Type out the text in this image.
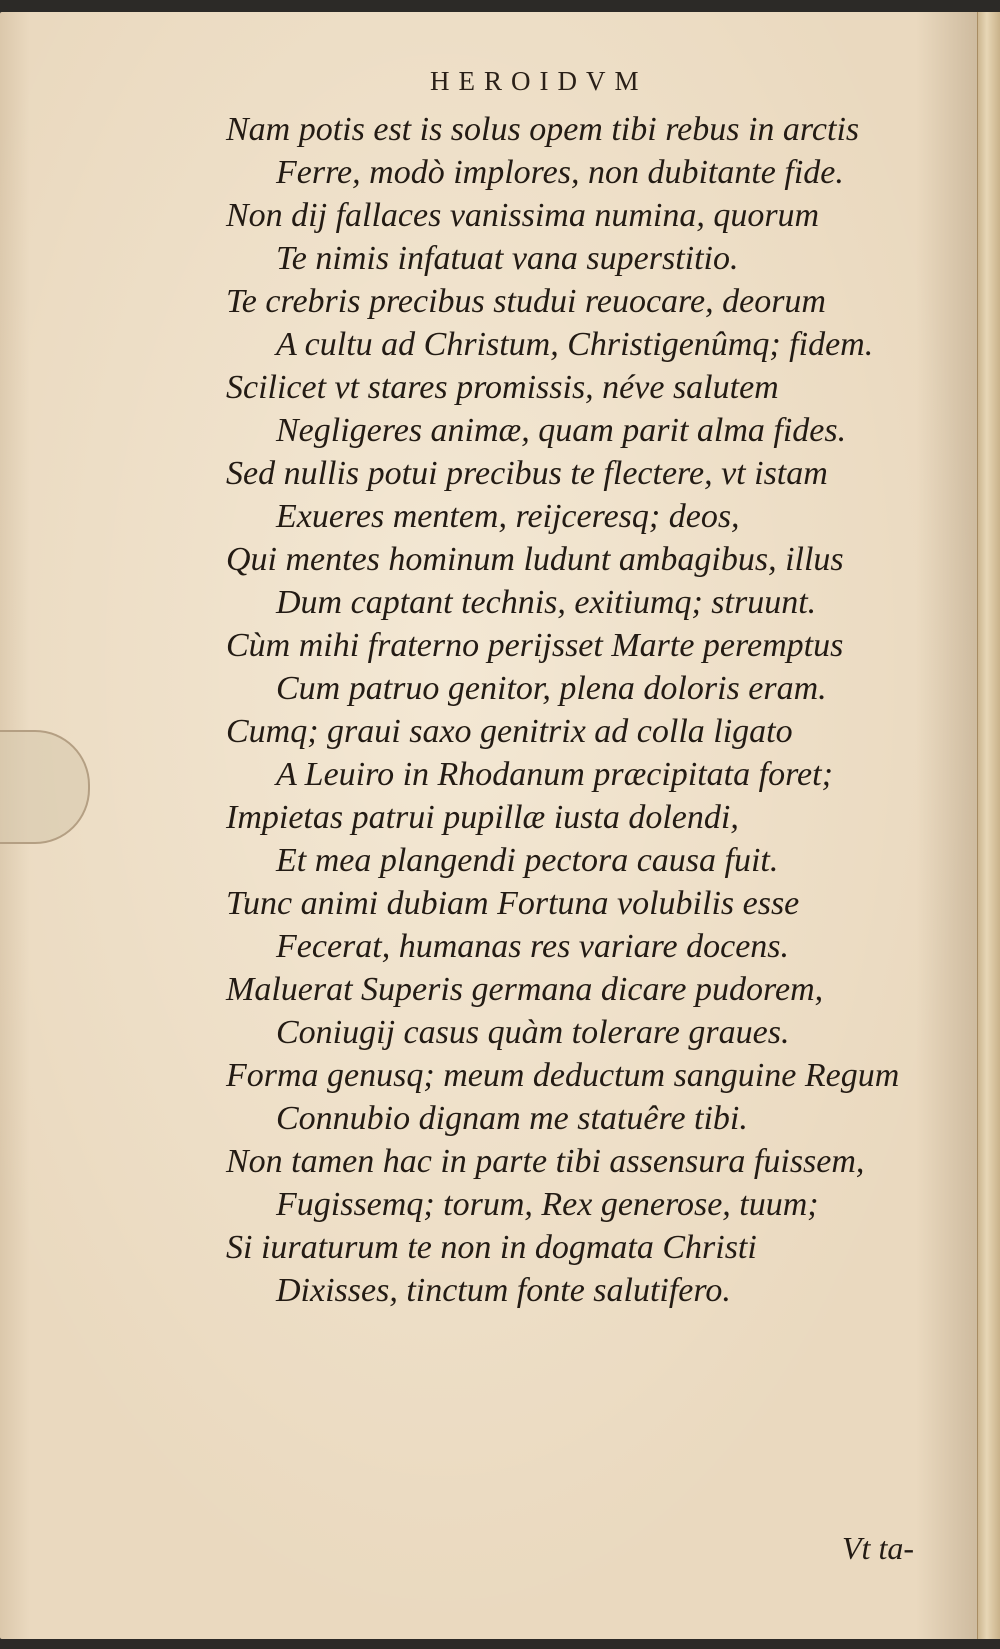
HEROIDVM
Nam potis est is solus opem tibi rebus in arctis
Ferre, modò implores, non dubitante fide.
Non dij fallaces vanissima numina, quorum
Te nimis infatuat vana superstitio.
Te crebris precibus studui reuocare, deorum
A cultu ad Christum, Christigenûmq; fidem.
Scilicet vt stares promissis, néve salutem
Negligeres animæ, quam parit alma fides.
Sed nullis potui precibus te flectere, vt istam
Exueres mentem, reijceresq; deos,
Qui mentes hominum ludunt ambagibus, illus
Dum captant technis, exitiumq; struunt.
Cùm mihi fraterno perijsset Marte peremptus
Cum patruo genitor, plena doloris eram.
Cumq; graui saxo genitrix ad colla ligato
A Leuiro in Rhodanum præcipitata foret;
Impietas patrui pupillæ iusta dolendi,
Et mea plangendi pectora causa fuit.
Tunc animi dubiam Fortuna volubilis esse
Fecerat, humanas res variare docens.
Maluerat Superis germana dicare pudorem,
Coniugij casus quàm tolerare graues.
Forma genusq; meum deductum sanguine Regum
Connubio dignam me statuêre tibi.
Non tamen hac in parte tibi assensura fuissem,
Fugissemq; torum, Rex generose, tuum;
Si iuraturum te non in dogmata Christi
Dixisses, tinctum fonte salutifero.
Vt ta-
